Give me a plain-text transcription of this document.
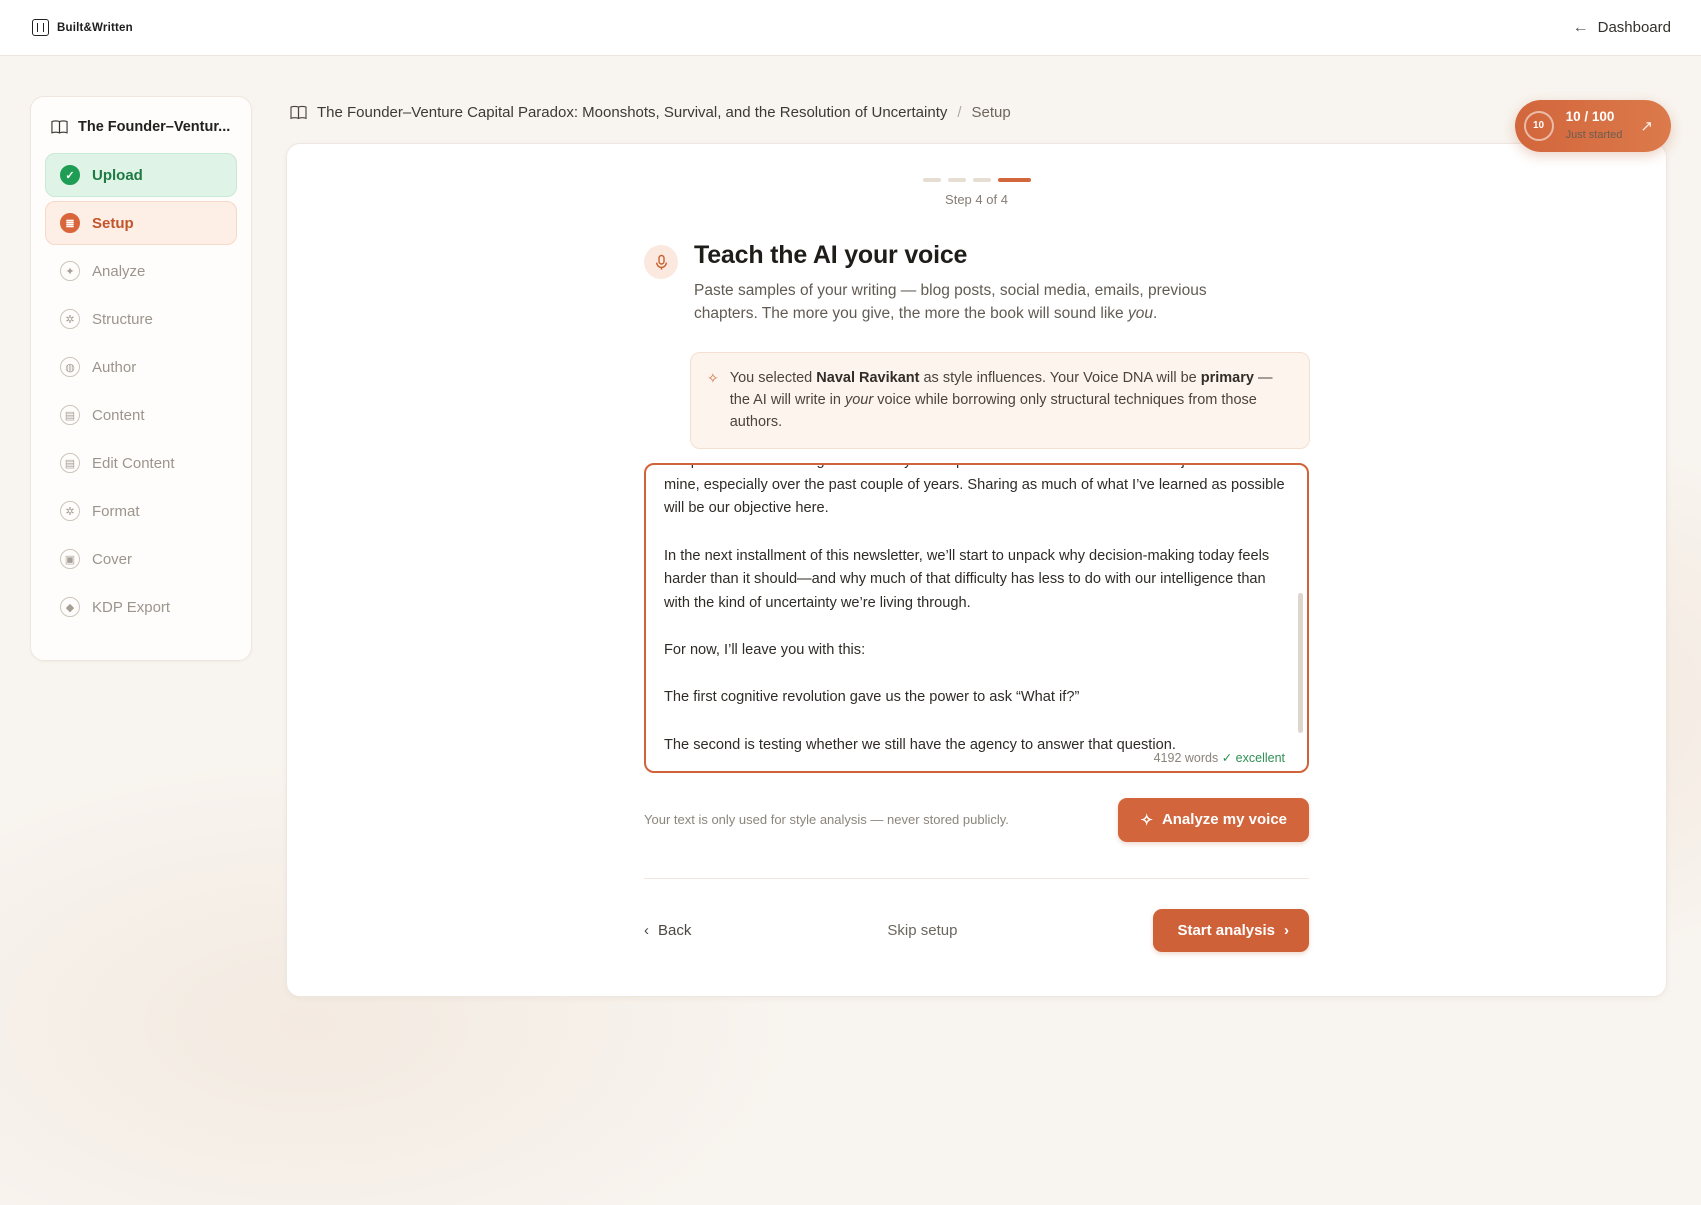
Built&Written	← Dashboard
The Founder–Ventur...
✓	Upload
≣	Setup
✦	Analyze
✲	Structure
◍	Author
▤	Content
▤	Edit Content
✲	Format
▣	Cover
◆	KDP Export
The Founder–Venture Capital Paradox: Moonshots, Survival, and the Resolution of Uncertainty / Setup
10
10 / 100
Just started ↗
Step 4 of 4
Teach the AI your voice

Paste samples of your writing — blog posts, social media, emails, previous chapters. The more you give, the more the book will sound like you.

✧ You selected Naval Ravikant as style influences. Your Voice DNA will be primary — the AI will write in your voice while borrowing only structural techniques from those authors.
this process and building a community of adaptable thinkers—has become a major focus of mine, especially over the past couple of years. Sharing as much of what I’ve learned as possible will be our objective here. In the next installment of this newsletter, we’ll start to unpack why decision-making today feels harder than it should—and why much of that difficulty has less to do with our intelligence than with the kind of uncertainty we’re living through. For now, I’ll leave you with this: The first cognitive revolution gave us the power to ask “What if?” The second is testing whether we still have the agency to answer that question.
4192 words ✓ excellent
Your text is only used for style analysis — never stored publicly.	✧ Analyze my voice
‹ Back	Skip setup	Start analysis ›
